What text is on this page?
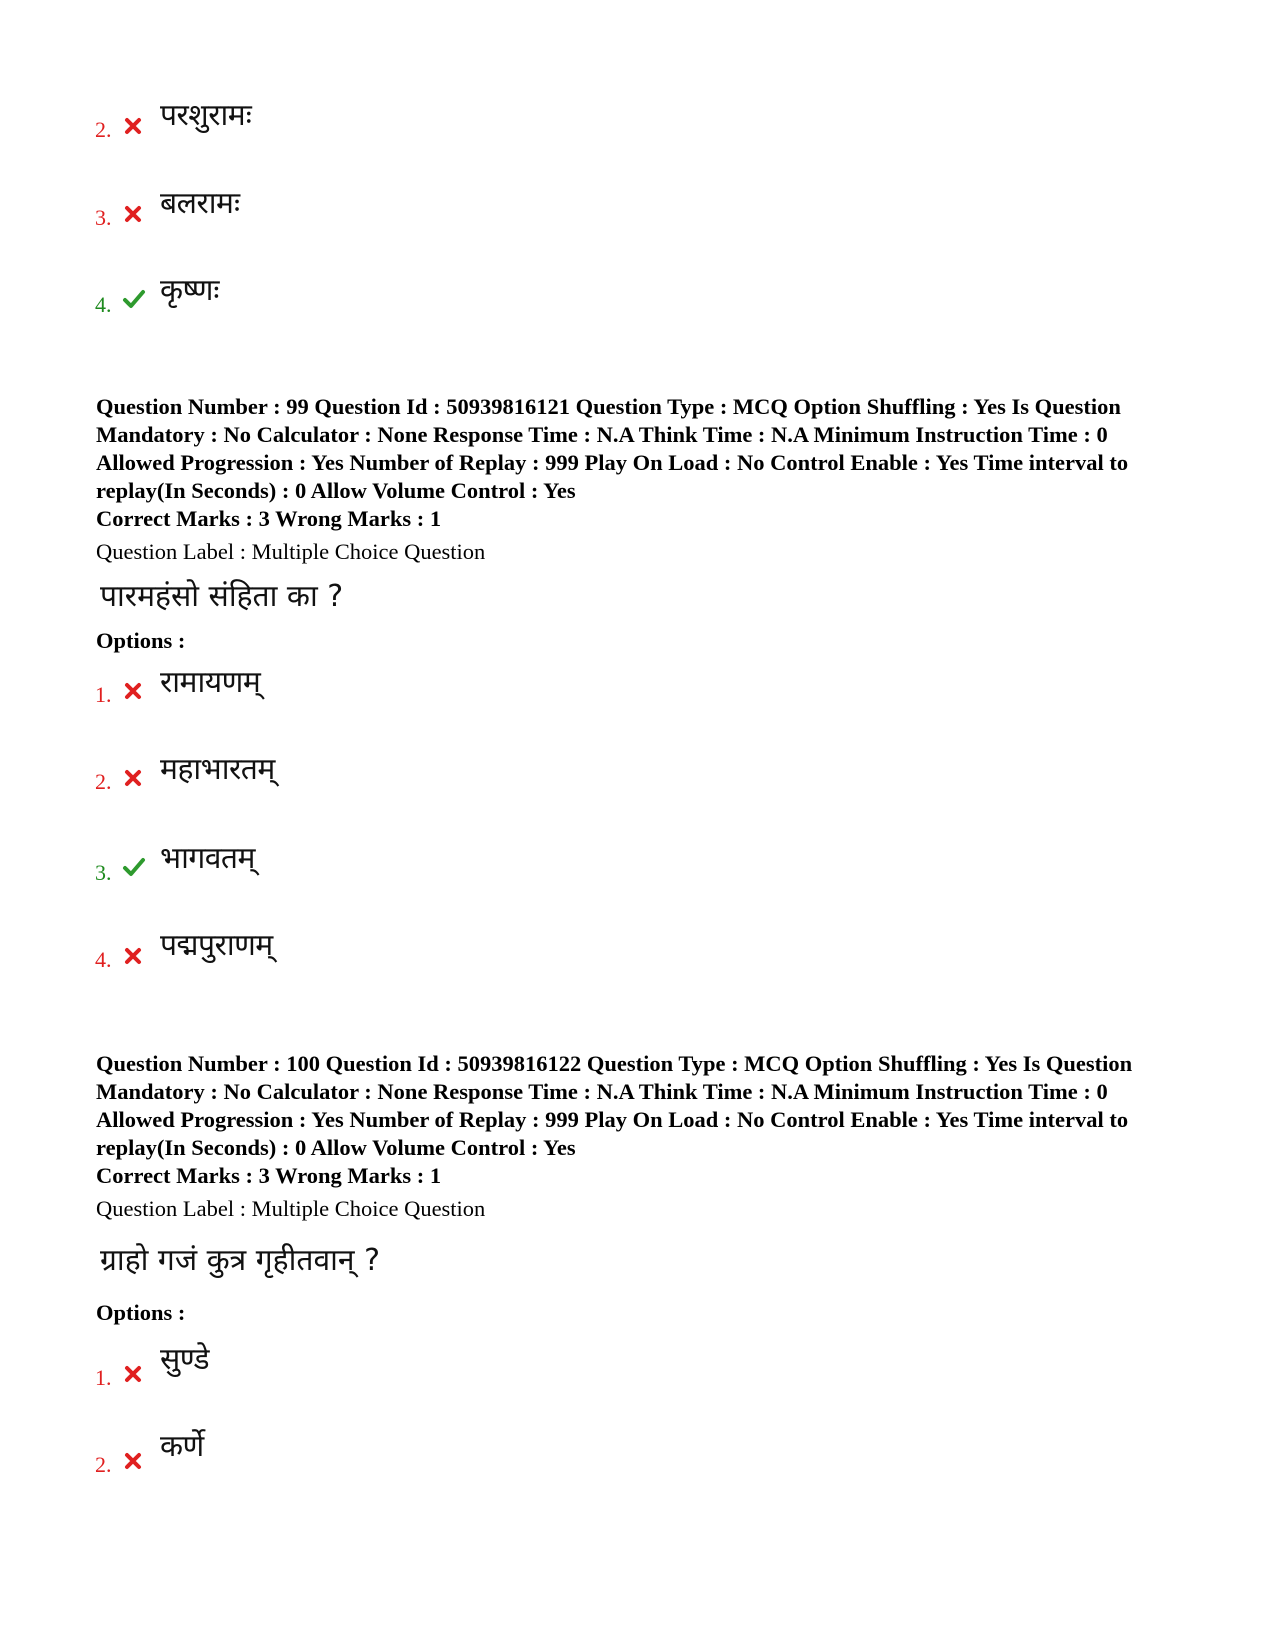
2. परशुरामः
3. बलरामः
4. कृष्णः

Question Number : 99 Question Id : 50939816121 Question Type : MCQ Option Shuffling : Yes Is Question Mandatory : No Calculator : None Response Time : N.A Think Time : N.A Minimum Instruction Time : 0 Allowed Progression : Yes Number of Replay : 999 Play On Load : No Control Enable : Yes Time interval to replay(In Seconds) : 0 Allow Volume Control : Yes

Correct Marks : 3 Wrong Marks : 1
Question Label : Multiple Choice Question
पारमहंसो संहिता का ?
Options :
1. रामायणम्
2. महाभारतम्
3. भागवतम्
4. पद्मपुराणम्

Question Number : 100 Question Id : 50939816122 Question Type : MCQ Option Shuffling : Yes Is Question Mandatory : No Calculator : None Response Time : N.A Think Time : N.A Minimum Instruction Time : 0 Allowed Progression : Yes Number of Replay : 999 Play On Load : No Control Enable : Yes Time interval to replay(In Seconds) : 0 Allow Volume Control : Yes

Correct Marks : 3 Wrong Marks : 1
Question Label : Multiple Choice Question
ग्राहो गजं कुत्र गृहीतवान् ?
Options :
1.
सुण्डे
2.
कर्णे
